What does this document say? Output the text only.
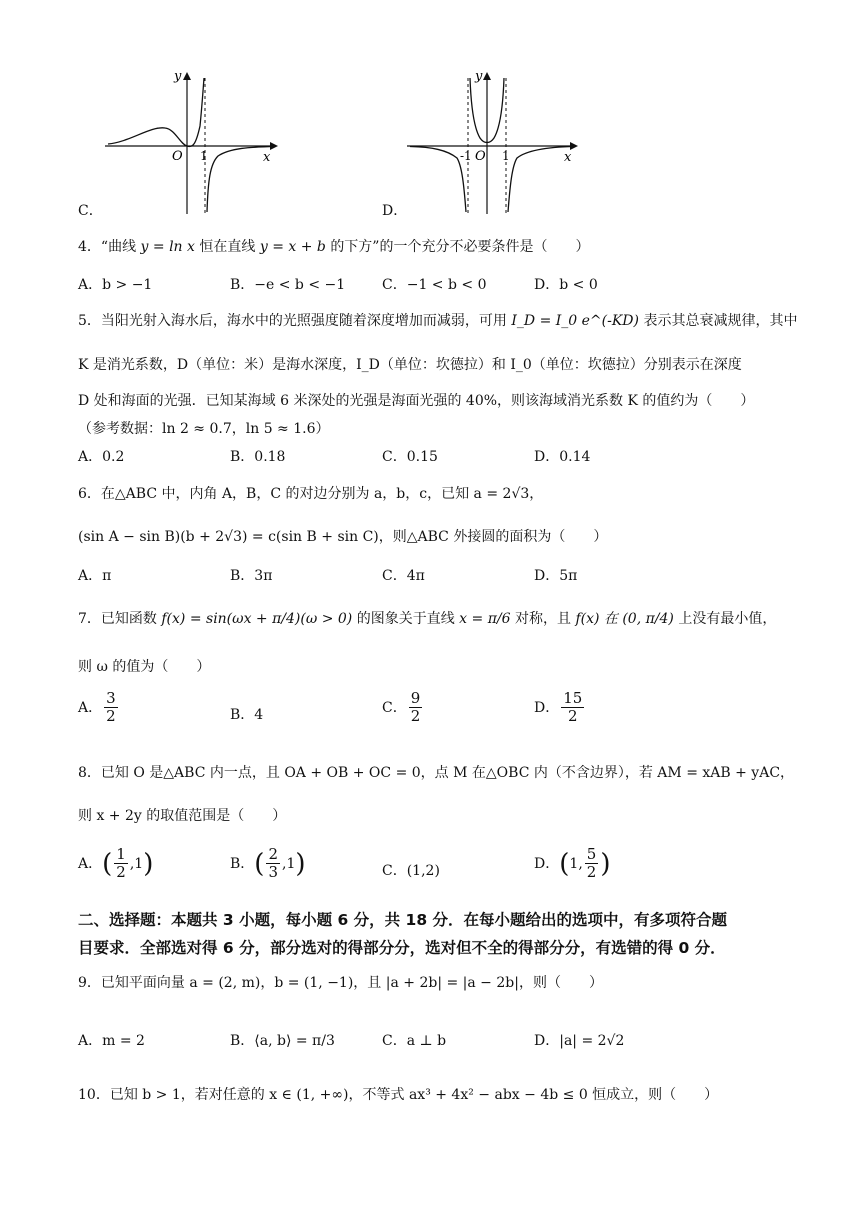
y
x
O 1
C．
y
x
-1 O 1
D．
4．“曲线 y = ln x 恒在直线 y = x + b 的下方”的一个充分不必要条件是（　　）
A．b > −1	B．−e < b < −1	C．−1 < b < 0	D．b < 0
5．当阳光射入海水后，海水中的光照强度随着深度增加而减弱，可用 I_D = I_0 e^(-KD) 表示其总衰减规律，其中
K 是消光系数，D（单位：米）是海水深度，I_D（单位：坎德拉）和 I_0（单位：坎德拉）分别表示在深度
D 处和海面的光强．已知某海域 6 米深处的光强是海面光强的 40%，则该海域消光系数 K 的值约为（　　）
（参考数据：ln 2 ≈ 0.7，ln 5 ≈ 1.6）
A．0.2	B．0.18	C．0.15	D．0.14
6．在△ABC 中，内角 A，B，C 的对边分别为 a，b，c，已知 a = 2√3，
(sin A − sin B)(b + 2√3) = c(sin B + sin C)，则△ABC 外接圆的面积为（　　）
A．π	B．3π	C．4π	D．5π
7．已知函数 f(x) = sin(ωx + π/4)(ω > 0) 的图象关于直线 x = π/6 对称，且 f(x) 在 (0, π/4) 上没有最小值，
则 ω 的值为（　　）
A． $\frac{3}{2}$	B．4	C． $\frac{9}{2}$	D． $\frac{15}{2}$
8．已知 O 是△ABC 内一点，且 OA + OB + OC = 0，点 M 在△OBC 内（不含边界），若 AM = xAB + yAC，
则 x + 2y 的取值范围是（　　）
A．( $\frac{1}{2} ,1$)	B．( $\frac{2}{3} ,1$)	C．(1,2)	D．(1, $\frac{5}{2}$ )
二、选择题：本题共 3 小题，每小题 6 分，共 18 分．在每小题给出的选项中，有多项符合题
目要求．全部选对得 6 分，部分选对的得部分分，选对但不全的得部分分，有选错的得 0 分．
9．已知平面向量 a = (2, m)，b = (1, −1)，且 |a + 2b| = |a − 2b|，则（　　）
A．m = 2	B．⟨a, b⟩ = π/3	C．a ⊥ b	D．|a| = 2√2
10．已知 b > 1，若对任意的 x ∈ (1, +∞)，不等式 ax³ + 4x² − abx − 4b ≤ 0 恒成立，则（　　）
